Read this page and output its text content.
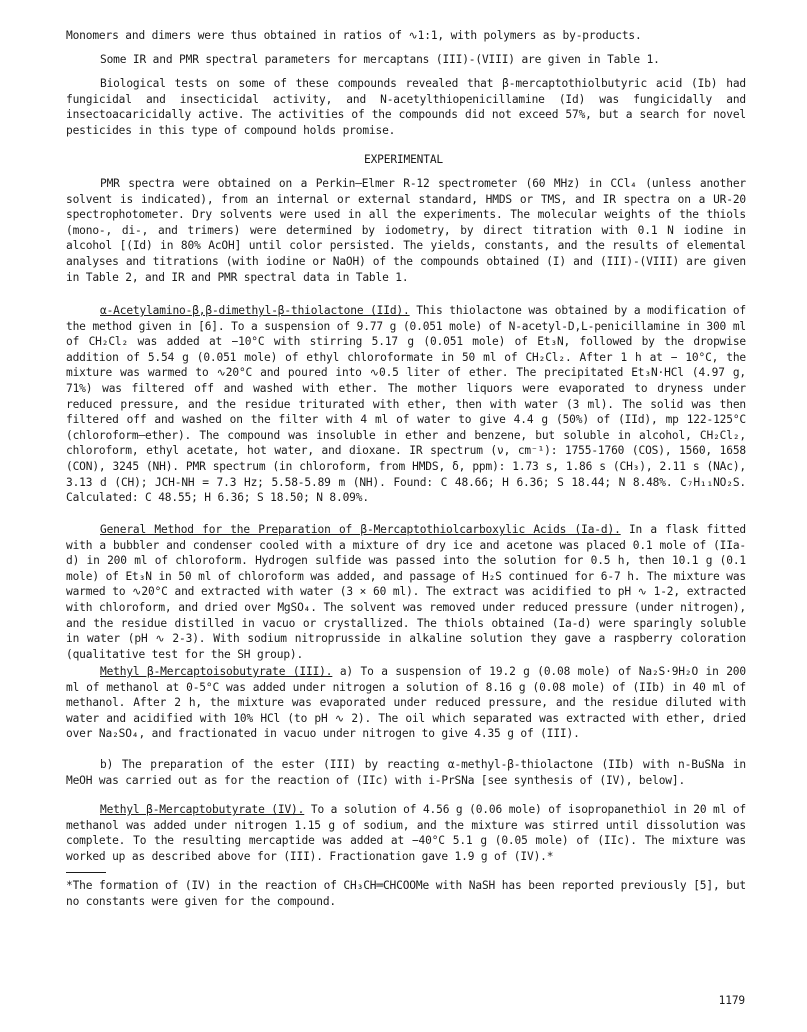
Monomers and dimers were thus obtained in ratios of ∿1:1, with polymers as by-products.

Some IR and PMR spectral parameters for mercaptans (III)-(VIII) are given in Table 1.

Biological tests on some of these compounds revealed that β-mercaptothiolbutyric acid (Ib) had fungicidal and insecticidal activity, and N-acetylthiopenicillamine (Id) was fungicidally and insectoacaricidally active. The activities of the compounds did not exceed 57%, but a search for novel pesticides in this type of compound holds promise.

EXPERIMENTAL

PMR spectra were obtained on a Perkin—Elmer R-12 spectrometer (60 MHz) in CCl₄ (unless another solvent is indicated), from an internal or external standard, HMDS or TMS, and IR spectra on a UR-20 spectrophotometer. Dry solvents were used in all the experiments. The molecular weights of the thiols (mono-, di-, and trimers) were determined by iodometry, by direct titration with 0.1 N iodine in alcohol [(Id) in 80% AcOH] until color persisted. The yields, constants, and the results of elemental analyses and titrations (with iodine or NaOH) of the compounds obtained (I) and (III)-(VIII) are given in Table 2, and IR and PMR spectral data in Table 1.

α-Acetylamino-β,β-dimethyl-β-thiolactone (IId). This thiolactone was obtained by a modification of the method given in [6]. To a suspension of 9.77 g (0.051 mole) of N-acetyl-D,L-penicillamine in 300 ml of CH₂Cl₂ was added at −10°C with stirring 5.17 g (0.051 mole) of Et₃N, followed by the dropwise addition of 5.54 g (0.051 mole) of ethyl chloroformate in 50 ml of CH₂Cl₂. After 1 h at − 10°C, the mixture was warmed to ∿20°C and poured into ∿0.5 liter of ether. The precipitated Et₃N·HCl (4.97 g, 71%) was filtered off and washed with ether. The mother liquors were evaporated to dryness under reduced pressure, and the residue triturated with ether, then with water (3 ml). The solid was then filtered off and washed on the filter with 4 ml of water to give 4.4 g (50%) of (IId), mp 122-125°C (chloroform—ether). The compound was insoluble in ether and benzene, but soluble in alcohol, CH₂Cl₂, chloroform, ethyl acetate, hot water, and dioxane. IR spectrum (ν, cm⁻¹): 1755-1760 (COS), 1560, 1658 (CON), 3245 (NH). PMR spectrum (in chloroform, from HMDS, δ, ppm): 1.73 s, 1.86 s (CH₃), 2.11 s (NAc), 3.13 d (CH); JCH-NH = 7.3 Hz; 5.58-5.89 m (NH). Found: C 48.66; H 6.36; S 18.44; N 8.48%. C₇H₁₁NO₂S. Calculated: C 48.55; H 6.36; S 18.50; N 8.09%.

General Method for the Preparation of β-Mercaptothiolcarboxylic Acids (Ia-d). In a flask fitted with a bubbler and condenser cooled with a mixture of dry ice and acetone was placed 0.1 mole of (IIa-d) in 200 ml of chloroform. Hydrogen sulfide was passed into the solution for 0.5 h, then 10.1 g (0.1 mole) of Et₃N in 50 ml of chloroform was added, and passage of H₂S continued for 6-7 h. The mixture was warmed to ∿20°C and extracted with water (3 × 60 ml). The extract was acidified to pH ∿ 1-2, extracted with chloroform, and dried over MgSO₄. The solvent was removed under reduced pressure (under nitrogen), and the residue distilled in vacuo or crystallized. The thiols obtained (Ia-d) were sparingly soluble in water (pH ∿ 2-3). With sodium nitroprusside in alkaline solution they gave a raspberry coloration (qualitative test for the SH group).

Methyl β-Mercaptoisobutyrate (III). a) To a suspension of 19.2 g (0.08 mole) of Na₂S·9H₂O in 200 ml of methanol at 0-5°C was added under nitrogen a solution of 8.16 g (0.08 mole) of (IIb) in 40 ml of methanol. After 2 h, the mixture was evaporated under reduced pressure, and the residue diluted with water and acidified with 10% HCl (to pH ∿ 2). The oil which separated was extracted with ether, dried over Na₂SO₄, and fractionated in vacuo under nitrogen to give 4.35 g of (III).

b) The preparation of the ester (III) by reacting α-methyl-β-thiolactone (IIb) with n-BuSNa in MeOH was carried out as for the reaction of (IIc) with i-PrSNa [see synthesis of (IV), below].

Methyl β-Mercaptobutyrate (IV). To a solution of 4.56 g (0.06 mole) of isopropanethiol in 20 ml of methanol was added under nitrogen 1.15 g of sodium, and the mixture was stirred until dissolution was complete. To the resulting mercaptide was added at −40°C 5.1 g (0.05 mole) of (IIc). The mixture was worked up as described above for (III). Fractionation gave 1.9 g of (IV).*

*The formation of (IV) in the reaction of CH₃CH═CHCOOMe with NaSH has been reported previously [5], but no constants were given for the compound.

1179
